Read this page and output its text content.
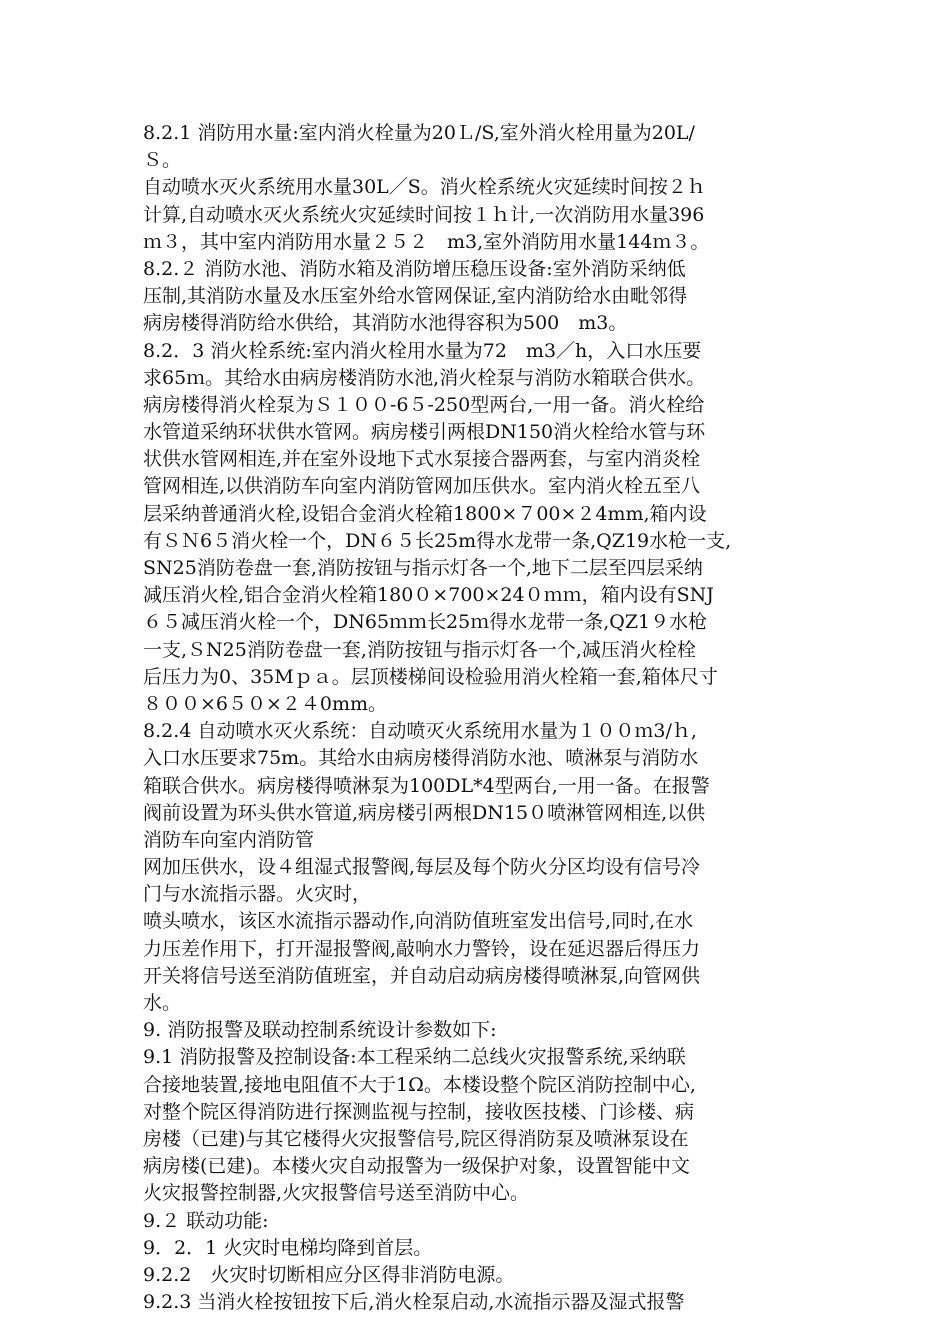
8.2.1 消防用水量:室内消火栓量为20Ｌ/S,室外消火栓用量为20L/
Ｓ。
自动喷水灭火系统用水量30L／S。消火栓系统火灾延续时间按２ｈ
计算,自动喷水灭火系统火灾延续时间按１ｈ计,一次消防用水量396
ｍ３，其中室内消防用水量２５２　m3,室外消防用水量144ｍ３。
8.2.２ 消防水池、消防水箱及消防增压稳压设备:室外消防采纳低
压制,其消防水量及水压室外给水管网保证,室内消防给水由毗邻得
病房楼得消防给水供给，其消防水池得容积为500　m3。
8.2．3 消火栓系统:室内消火栓用水量为72　m3／h，入口水压要
求65ｍ。其给水由病房楼消防水池,消火栓泵与消防水箱联合供水。
病房楼得消火栓泵为Ｓ１００-6５-250型两台,一用一备。消火栓给
水管道采纳环状供水管网。病房楼引两根DN150消火栓给水管与环
状供水管网相连,并在室外设地下式水泵接合器两套，与室内消炎栓
管网相连,以供消防车向室内消防管网加压供水。室内消火栓五至八
层采纳普通消火栓,设铝合金消火栓箱1800×７00×２4mm,箱内设
有ＳＮ6５消火栓一个，DN６５长25m得水龙带一条,QZ19水枪一支,
SN25消防卷盘一套,消防按钮与指示灯各一个,地下二层至四层采纳
减压消火栓,铝合金消火栓箱180０×700×24０ｍｍ，箱内设有SNJ
６５减压消火栓一个，DN65ｍｍ长25ｍ得水龙带一条,QZ1９水枪
一支,ＳN25消防卷盘一套,消防按钮与指示灯各一个,减压消火栓栓
后压力为0、35Mｐａ。层顶楼梯间设检验用消火栓箱一套,箱体尺寸
８００×6５０×２４0mm。
8.2.4 自动喷水灭火系统：自动喷灭火系统用水量为１００ｍ3/ｈ,
入口水压要求75m。其给水由病房楼得消防水池、喷淋泵与消防水
箱联合供水。病房楼得喷淋泵为100DL*4型两台,一用一备。在报警
阀前设置为环头供水管道,病房楼引两根DN15０喷淋管网相连,以供
消防车向室内消防管
网加压供水，设４组湿式报警阀,每层及每个防火分区均设有信号冷
门与水流指示器。火灾时，
喷头喷水，该区水流指示器动作,向消防值班室发出信号,同时,在水
力压差作用下，打开湿报警阀,敲响水力警铃，设在延迟器后得压力
开关将信号送至消防值班室，并自动启动病房楼得喷淋泵,向管网供
水。
9. 消防报警及联动控制系统设计参数如下:
9.1 消防报警及控制设备:本工程采纳二总线火灾报警系统,采纳联
合接地装置,接地电阻值不大于1Ω。本楼设整个院区消防控制中心,
对整个院区得消防进行探测监视与控制，接收医技楼、门诊楼、病
房楼（已建)与其它楼得火灾报警信号,院区得消防泵及喷淋泵设在
病房楼(已建)。本楼火灾自动报警为一级保护对象，设置智能中文
火灾报警控制器,火灾报警信号送至消防中心。
9.２ 联动功能:
9．2．1 火灾时电梯均降到首层。
9.2.2　火灾时切断相应分区得非消防电源。
9.2.3 当消火栓按钮按下后,消火栓泵启动,水流指示器及湿式报警
